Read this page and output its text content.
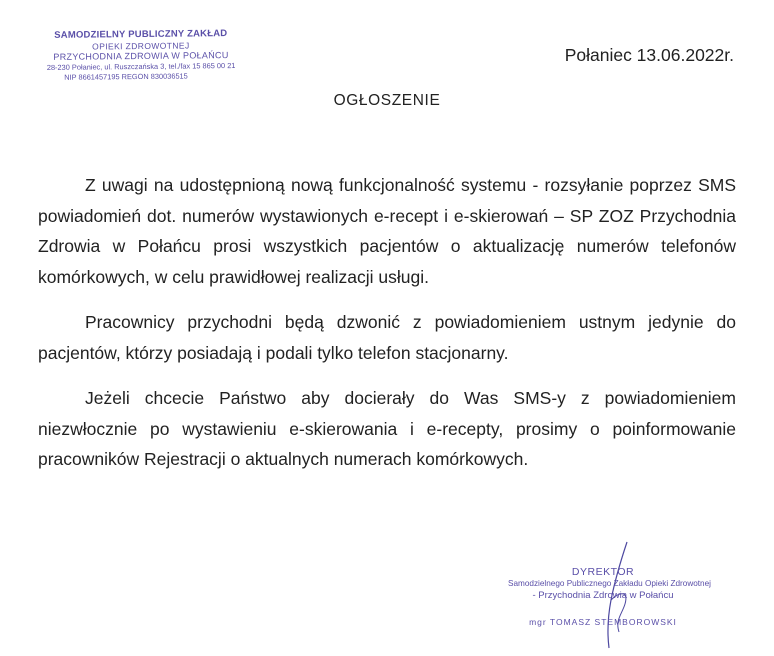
SAMODZIELNY PUBLICZNY ZAKŁAD
OPIEKI ZDROWOTNEJ
PRZYCHODNIA ZDROWIA W POŁAŃCU
28-230 Połaniec, ul. Ruszczańska 3, tel./fax 15 865 00 21
NIP 8661457195 REGON 830036515
Połaniec 13.06.2022r.
OGŁOSZENIE

Z uwagi na udostępnioną nową funkcjonalność systemu - rozsyłanie poprzez SMS powiadomień dot. numerów wystawionych e-recept i e-skierowań – SP ZOZ Przychodnia Zdrowia w Połańcu prosi wszystkich pacjentów o aktualizację numerów telefonów komórkowych, w celu prawidłowej realizacji usługi.

Pracownicy przychodni będą dzwonić z powiadomieniem ustnym jedynie do pacjentów, którzy posiadają i podali tylko telefon stacjonarny.

Jeżeli chcecie Państwo aby docierały do Was SMS-y z powiadomieniem niezwłocznie po wystawieniu e-skierowania i e-recepty, prosimy o poinformowanie pracowników Rejestracji o aktualnych numerach komórkowych.

DYREKTOR
Samodzielnego Publicznego Zakładu Opieki Zdrowotnej
- Przychodnia Zdrowia w Połańcu
mgr TOMASZ STEMBOROWSKI
